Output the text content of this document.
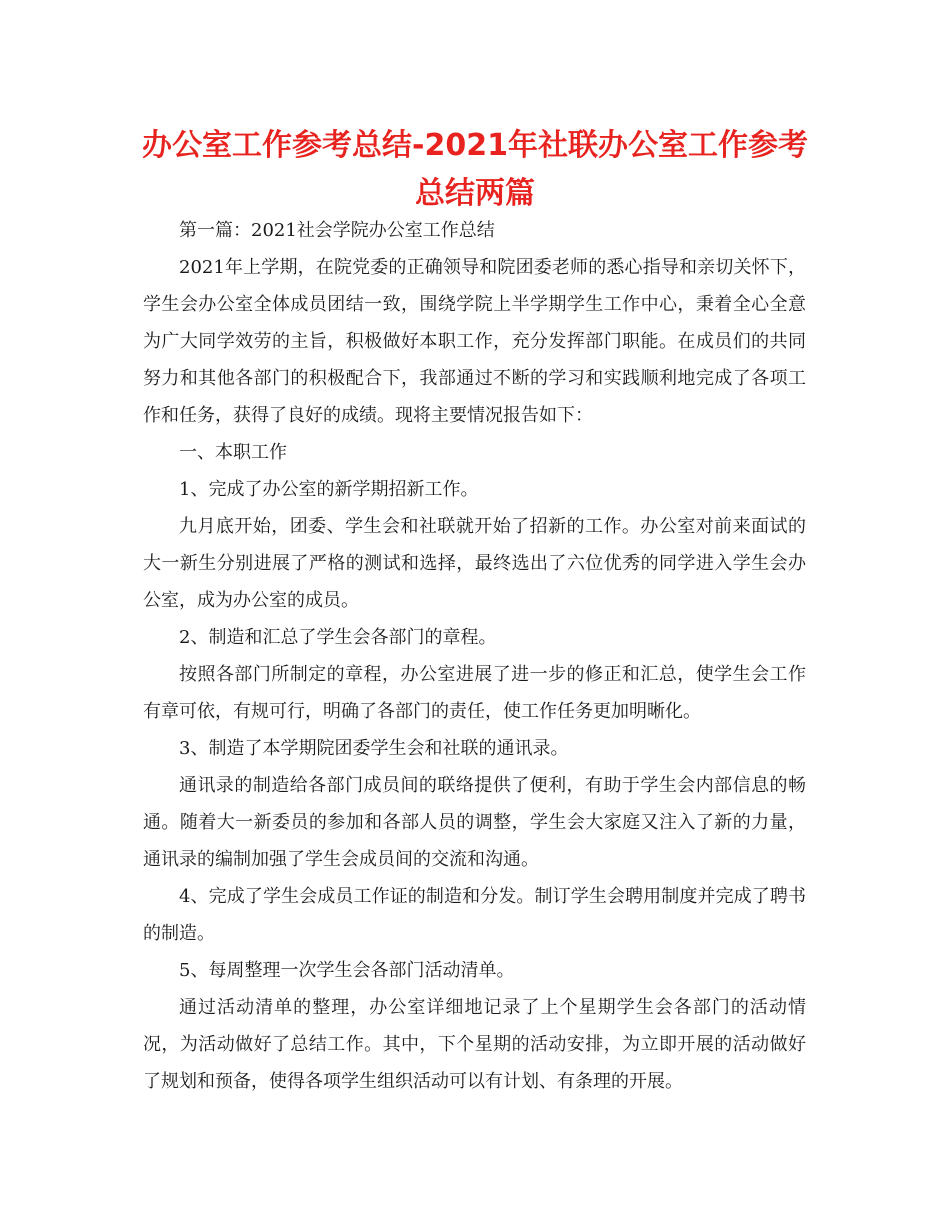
办公室工作参考总结-2021年社联办公室工作参考总结两篇

第一篇：2021社会学院办公室工作总结

2021年上学期，在院党委的正确领导和院团委老师的悉心指导和亲切关怀下，学生会办公室全体成员团结一致，围绕学院上半学期学生工作中心，秉着全心全意为广大同学效劳的主旨，积极做好本职工作，充分发挥部门职能。在成员们的共同努力和其他各部门的积极配合下，我部通过不断的学习和实践顺利地完成了各项工作和任务，获得了良好的成绩。现将主要情况报告如下：

一、本职工作

1、完成了办公室的新学期招新工作。

九月底开始，团委、学生会和社联就开始了招新的工作。办公室对前来面试的大一新生分别进展了严格的测试和选择，最终选出了六位优秀的同学进入学生会办公室，成为办公室的成员。

2、制造和汇总了学生会各部门的章程。

按照各部门所制定的章程，办公室进展了进一步的修正和汇总，使学生会工作有章可依，有规可行，明确了各部门的责任，使工作任务更加明晰化。

3、制造了本学期院团委学生会和社联的通讯录。

通讯录的制造给各部门成员间的联络提供了便利，有助于学生会内部信息的畅通。随着大一新委员的参加和各部人员的调整，学生会大家庭又注入了新的力量，通讯录的编制加强了学生会成员间的交流和沟通。

4、完成了学生会成员工作证的制造和分发。制订学生会聘用制度并完成了聘书的制造。

5、每周整理一次学生会各部门活动清单。

通过活动清单的整理，办公室详细地记录了上个星期学生会各部门的活动情况，为活动做好了总结工作。其中，下个星期的活动安排，为立即开展的活动做好了规划和预备，使得各项学生组织活动可以有计划、有条理的开展。
